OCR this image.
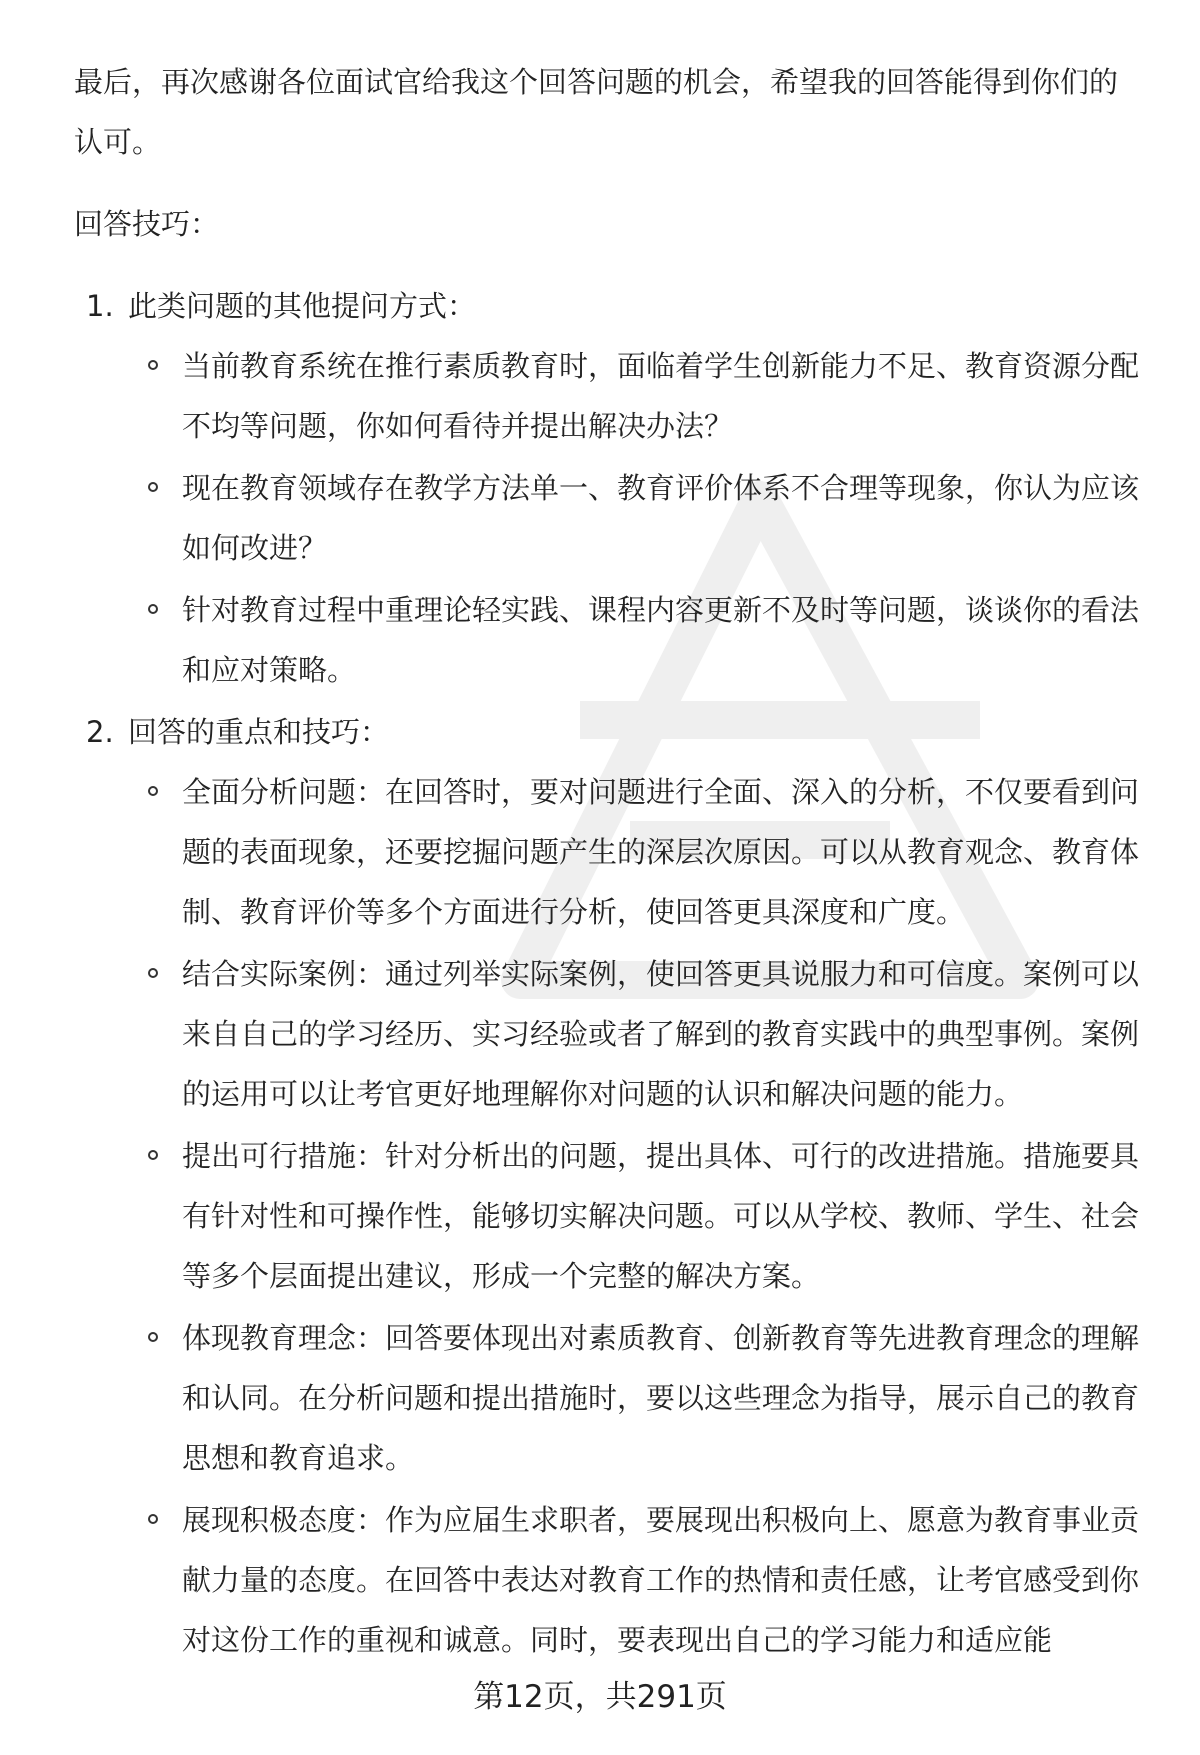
最后，再次感谢各位面试官给我这个回答问题的机会，希望我的回答能得到你们的认可。

回答技巧：

1. 此类问题的其他提问方式：
当前教育系统在推行素质教育时，面临着学生创新能力不足、教育资源分配不均等问题，你如何看待并提出解决办法？
现在教育领域存在教学方法单一、教育评价体系不合理等现象，你认为应该如何改进？
针对教育过程中重理论轻实践、课程内容更新不及时等问题，谈谈你的看法和应对策略。
2. 回答的重点和技巧：
全面分析问题：在回答时，要对问题进行全面、深入的分析，不仅要看到问题的表面现象，还要挖掘问题产生的深层次原因。可以从教育观念、教育体制、教育评价等多个方面进行分析，使回答更具深度和广度。
结合实际案例：通过列举实际案例，使回答更具说服力和可信度。案例可以来自自己的学习经历、实习经验或者了解到的教育实践中的典型事例。案例的运用可以让考官更好地理解你对问题的认识和解决问题的能力。
提出可行措施：针对分析出的问题，提出具体、可行的改进措施。措施要具有针对性和可操作性，能够切实解决问题。可以从学校、教师、学生、社会等多个层面提出建议，形成一个完整的解决方案。
体现教育理念：回答要体现出对素质教育、创新教育等先进教育理念的理解和认同。在分析问题和提出措施时，要以这些理念为指导，展示自己的教育思想和教育追求。
展现积极态度：作为应届生求职者，要展现出积极向上、愿意为教育事业贡献力量的态度。在回答中表达对教育工作的热情和责任感，让考官感受到你对这份工作的重视和诚意。同时，要表现出自己的学习能力和适应能
第12页，共291页
